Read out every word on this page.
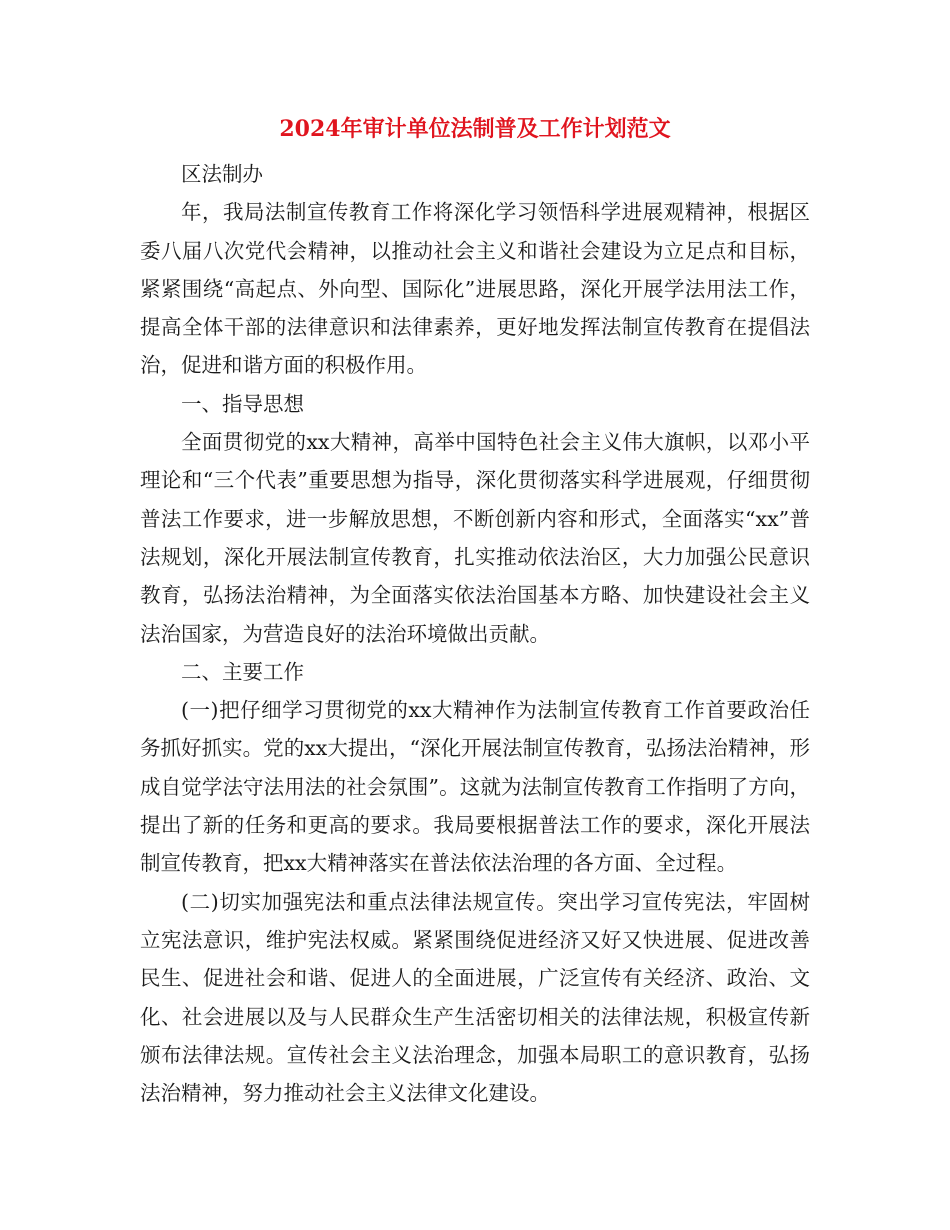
2024年审计单位法制普及工作计划范文

区法制办

年，我局法制宣传教育工作将深化学习领悟科学进展观精神，根据区委八届八次党代会精神，以推动社会主义和谐社会建设为立足点和目标，紧紧围绕“高起点、外向型、国际化”进展思路，深化开展学法用法工作，提高全体干部的法律意识和法律素养，更好地发挥法制宣传教育在提倡法治，促进和谐方面的积极作用。

一、指导思想

全面贯彻党的xx大精神，高举中国特色社会主义伟大旗帜，以邓小平理论和“三个代表”重要思想为指导，深化贯彻落实科学进展观，仔细贯彻普法工作要求，进一步解放思想，不断创新内容和形式，全面落实“xx”普法规划，深化开展法制宣传教育，扎实推动依法治区，大力加强公民意识教育，弘扬法治精神，为全面落实依法治国基本方略、加快建设社会主义法治国家，为营造良好的法治环境做出贡献。

二、主要工作

(一)把仔细学习贯彻党的xx大精神作为法制宣传教育工作首要政治任务抓好抓实。党的xx大提出，“深化开展法制宣传教育，弘扬法治精神，形成自觉学法守法用法的社会氛围”。这就为法制宣传教育工作指明了方向，提出了新的任务和更高的要求。我局要根据普法工作的要求，深化开展法制宣传教育，把xx大精神落实在普法依法治理的各方面、全过程。

(二)切实加强宪法和重点法律法规宣传。突出学习宣传宪法，牢固树立宪法意识，维护宪法权威。紧紧围绕促进经济又好又快进展、促进改善民生、促进社会和谐、促进人的全面进展，广泛宣传有关经济、政治、文化、社会进展以及与人民群众生产生活密切相关的法律法规，积极宣传新颁布法律法规。宣传社会主义法治理念，加强本局职工的意识教育，弘扬法治精神，努力推动社会主义法律文化建设。
